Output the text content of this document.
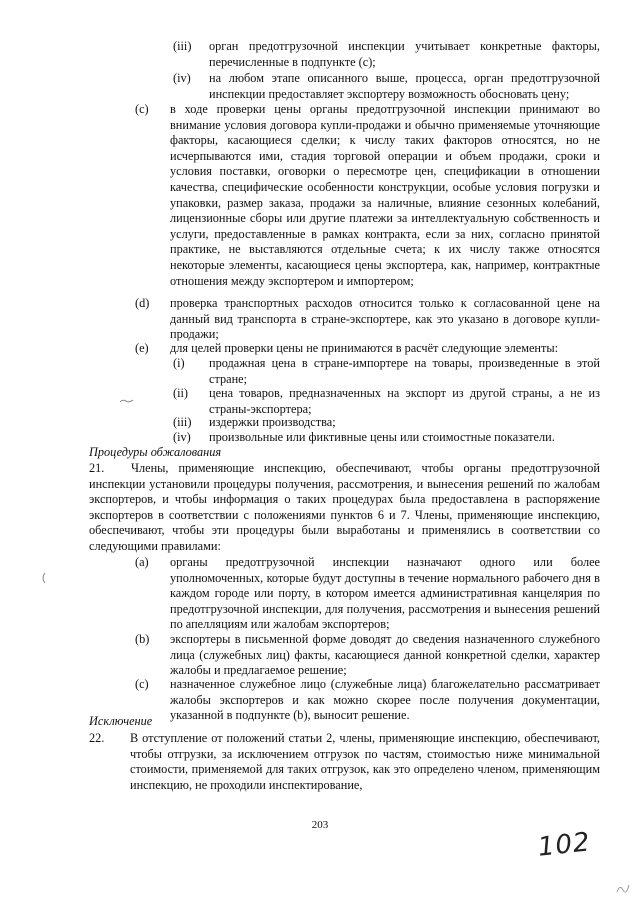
(iii) орган предотгрузочной инспекции учитывает конкретные факторы, перечисленные в подпункте (с);
(iv) на любом этапе описанного выше, процесса, орган предотгрузочной инспекции предоставляет экспортеру возможность обосновать цену;
(c) в ходе проверки цены органы предотгрузочной инспекции принимают во внимание условия договора купли-продажи и обычно применяемые уточняющие факторы, касающиеся сделки; к числу таких факторов относятся, но не исчерпываются ими, стадия торговой операции и объем продажи, сроки и условия поставки, оговорки о пересмотре цен, спецификации в отношении качества, специфические особенности конструкции, особые условия погрузки и упаковки, размер заказа, продажи за наличные, влияние сезонных колебаний, лицензионные сборы или другие платежи за интеллектуальную собственность и услуги, предоставленные в рамках контракта, если за них, согласно принятой практике, не выставляются отдельные счета; к их числу также относятся некоторые элементы, касающиеся цены экспортера, как, например, контрактные отношения между экспортером и импортером;
(d) проверка транспортных расходов относится только к согласованной цене на данный вид транспорта в стране-экспортере, как это указано в договоре купли-продажи;
(e) для целей проверки цены не принимаются в расчёт следующие элементы:
(i) продажная цена в стране-импортере на товары, произведенные в этой стране;
(ii) цена товаров, предназначенных на экспорт из другой страны, а не из страны-экспортера;
(iii) издержки производства;
(iv) произвольные или фиктивные цены или стоимостные показатели.
Процедуры обжалования
21.	Члены, применяющие инспекцию, обеспечивают, чтобы органы предотгрузочной инспекции установили процедуры получения, рассмотрения, и вынесения решений по жалобам экспортеров, и чтобы информация о таких процедурах была предоставлена в распоряжение экспортеров в соответствии с положениями пунктов 6 и 7. Члены, применяющие инспекцию, обеспечивают, чтобы эти процедуры были выработаны и применялись в соответствии со следующими правилами:
(a) органы предотгрузочной инспекции назначают одного или более уполномоченных, которые будут доступны в течение нормального рабочего дня в каждом городе или порту, в котором имеется административная канцелярия по предотгрузочной инспекции, для получения, рассмотрения и вынесения решений по апелляциям или жалобам экспортеров;
(b) экспортеры в письменной форме доводят до сведения назначенного служебного лица (служебных лиц) факты, касающиеся данной конкретной сделки, характер жалобы и предлагаемое решение;
(c) назначенное служебное лицо (служебные лица) благожелательно рассматривает жалобы экспортеров и как можно скорее после получения документации, указанной в подпункте (b), выносит решение.
Исключение
22. В отступление от положений статьи 2, члены, применяющие инспекцию, обеспечивают, чтобы отгрузки, за исключением отгрузок по частям, стоимостью ниже минимальной стоимости, применяемой для таких отгрузок, как это определено членом, применяющим инспекцию, не проходили инспектирование,
203
102
